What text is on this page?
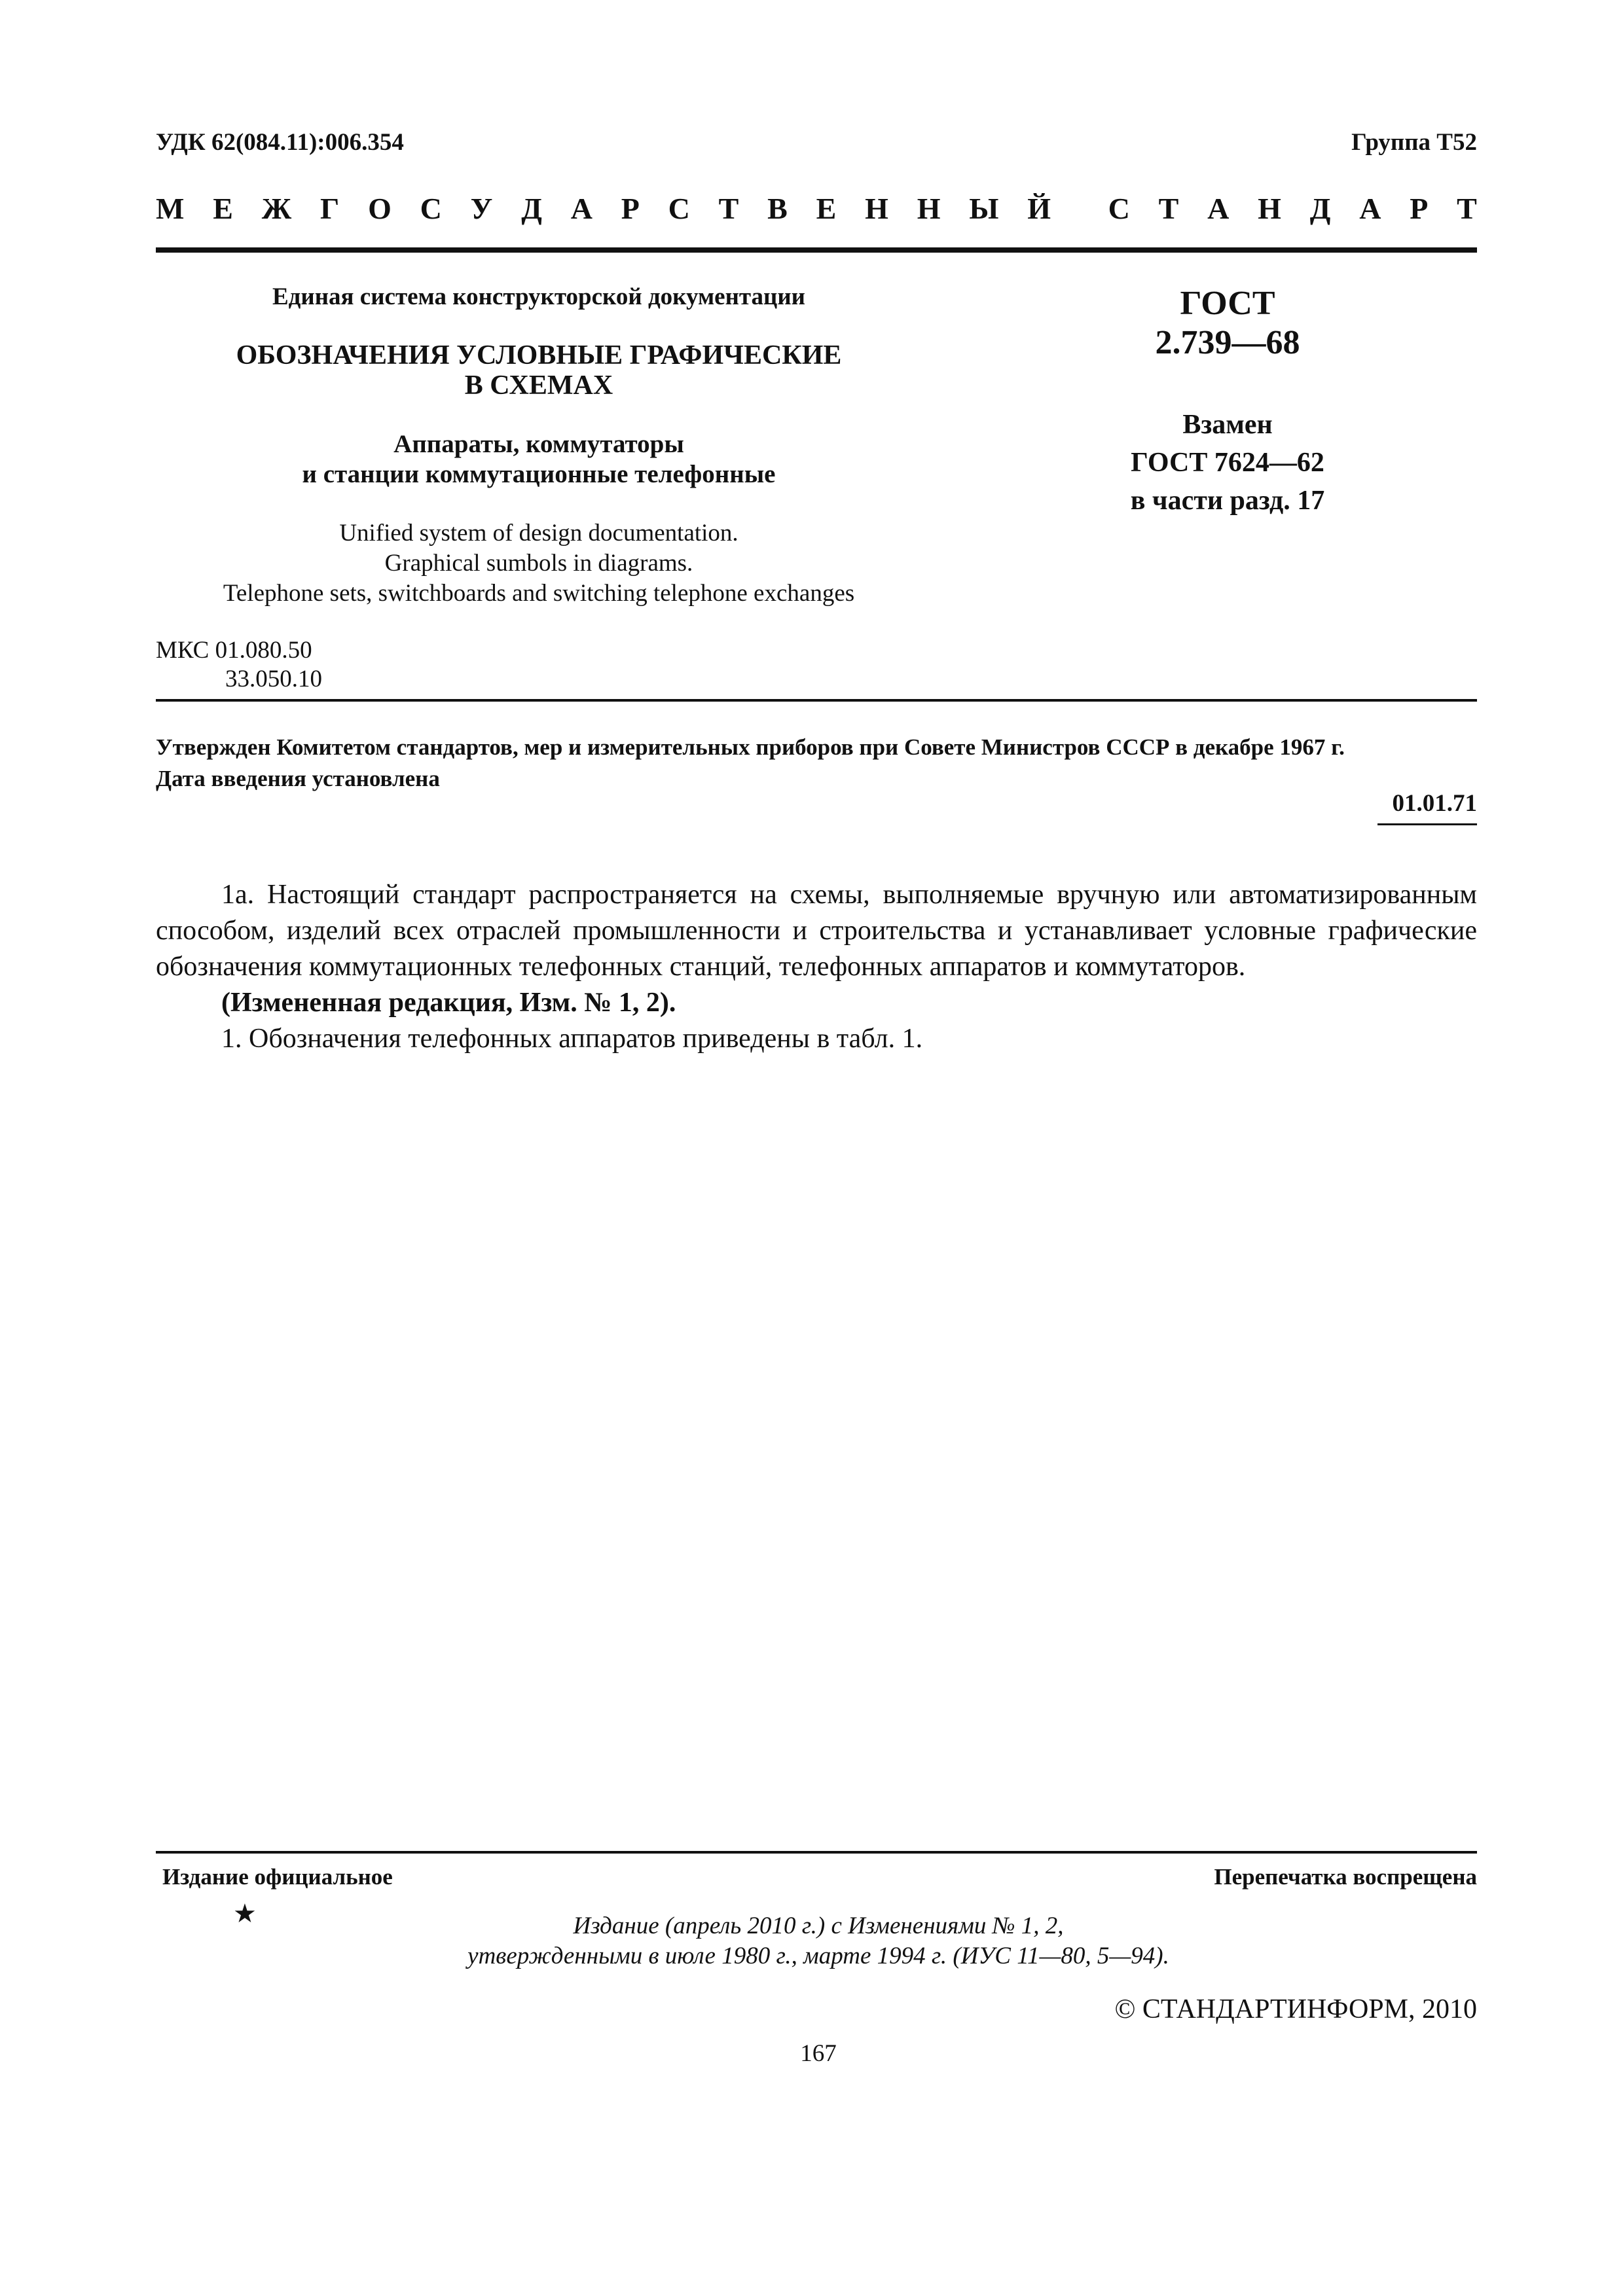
УДК 62(084.11):006.354	Группа Т52
М Е Ж Г О С У Д А Р С Т В Е Н Н Ы Й С Т А Н Д А Р Т
Единая система конструкторской документации
ОБОЗНАЧЕНИЯ УСЛОВНЫЕ ГРАФИЧЕСКИЕ
В СХЕМАХ
Аппараты, коммутаторы
и станции коммутационные телефонные
Unified system of design documentation.
Graphical sumbols in diagrams.
Telephone sets, switchboards and switching telephone exchanges
МКС 01.080.50
33.050.10
ГОСТ
2.739—68
Взамен
ГОСТ 7624—62
в части разд. 17
Утвержден Комитетом стандартов, мер и измерительных приборов при Совете Министров СССР в декабре 1967 г.
Дата введения установлена
01.01.71

1а. Настоящий стандарт распространяется на схемы, выполняемые вручную или автоматизированным способом, изделий всех отраслей промышленности и строительства и устанавливает условные графические обозначения коммутационных телефонных станций, телефонных аппаратов и коммутаторов.

(Измененная редакция, Изм. № 1, 2).

1. Обозначения телефонных аппаратов приведены в табл. 1.

Издание официальное	Перепечатка воспрещена
★	Издание (апрель 2010 г.) с Изменениями № 1, 2,
утвержденными в июле 1980 г., марте 1994 г. (ИУС 11—80, 5—94).
© СТАНДАРТИНФОРМ, 2010
167
